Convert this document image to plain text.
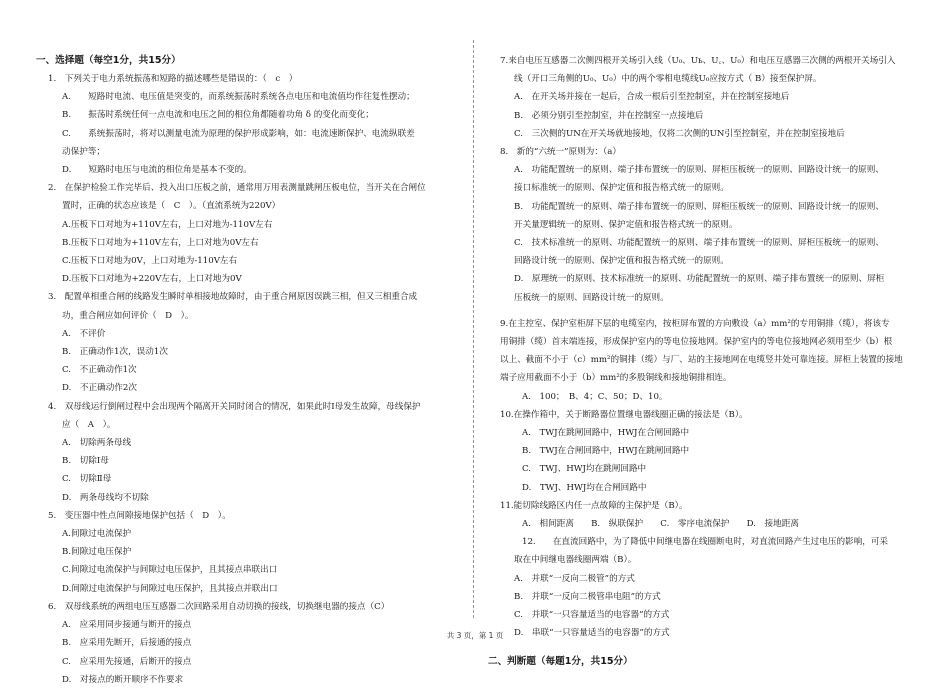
一、选择题（每空1分，共15分）
1.　下列关于电力系统振荡和短路的描述哪些是错误的：（　c　）
A.　　短路时电流、电压值是突变的，而系统振荡时系统各点电压和电流值均作往复性摆动；
B.　　振荡时系统任何一点电流和电压之间的相位角都随着功角 δ 的变化而变化；
C.　　系统振荡时，将对以测量电流为原理的保护形成影响，如：电流速断保护、电流纵联差
动保护等；
D.　　短路时电压与电流的相位角是基本不变的。
2.　在保护检验工作完毕后、投入出口压板之前，通常用万用表测量跳闸压板电位，当开关在合闸位
置时，正确的状态应该是（　C　）。（直流系统为220V）
A.压板下口对地为+110V左右，上口对地为-110V左右
B.压板下口对地为+110V左右，上口对地为0V左右
C.压板下口对地为0V，上口对地为-110V左右
D.压板下口对地为+220V左右，上口对地为0V
3.　配置单相重合闸的线路发生瞬时单相接地故障时，由于重合闸原因误跳三相，但又三相重合成
功，重合闸应如何评价（　D　）。
A.　不评价
B.　正确动作1次，误动1次
C.　不正确动作1次
D.　不正确动作2次
4.　双母线运行倒闸过程中会出现两个隔离开关同时闭合的情况，如果此时Ⅰ母发生故障，母线保护
应（　A　）。
A.　切除两条母线
B.　切除Ⅰ母
C.　切除Ⅱ母
D.　两条母线均不切除
5.　变压器中性点间隙接地保护包括（　D　）。
A.间隙过电流保护
B.间隙过电压保护
C.间隙过电流保护与间隙过电压保护，且其接点串联出口
D.间隙过电流保护与间隙过电压保护，且其接点并联出口
6.　双母线系统的两组电压互感器二次回路采用自动切换的接线，切换继电器的接点（C）
A.　应采用同步接通与断开的接点
B.　应采用先断开，后接通的接点
C.　应采用先接通，后断开的接点
D.　对接点的断开顺序不作要求
7.来自电压互感器二次侧四根开关场引入线（U₀、Uь、U꜀、U₀）和电压互感器三次侧的两根开关场引入
线（开口三角侧的U₀、U₀）中的两个零相电缆线U₀应按方式（ B）接至保护屏。
A.　在开关场并接在一起后，合成一根后引至控制室，并在控制室接地后
B.　必须分别引至控制室，并在控制室一点接地后
C.　三次侧的UN在开关场就地接地，仅将二次侧的UN引至控制室，并在控制室接地后
8.　新的“六统一”原则为：（a）
A.　功能配置统一的原则、端子排布置统一的原则、屏柜压板统一的原则、回路设计统一的原则、
接口标准统一的原则、保护定值和报告格式统一的原则。
B.　功能配置统一的原则、端子排布置统一的原则、屏柜压板统一的原则、回路设计统一的原则、
开关量逻辑统一的原则、保护定值和报告格式统一的原则。
C.　技术标准统一的原则、功能配置统一的原则、端子排布置统一的原则、屏柜压板统一的原则、
回路设计统一的原则、保护定值和报告格式统一的原则。
D.　原理统一的原则、技术标准统一的原则、功能配置统一的原则、端子排布置统一的原则、屏柜
压板统一的原则、回路设计统一的原则。
9.在主控室、保护室柜屏下层的电缆室内，按柜屏布置的方向敷设（a）mm²的专用铜排（缆），将该专
用铜排（缆）首末端连接，形成保护室内的等电位接地网。保护室内的等电位接地网必须用至少（b）根
以上、截面不小于（c）mm²的铜排（缆）与厂、站的主接地网在电缆竖井处可靠连接。屏柜上装置的接地
端子应用截面不小于（b）mm²的多股铜线和接地铜排相连。
A.　100；　B、4；C、50；D、10。
10.在操作箱中，关于断路器位置继电器线圈正确的接法是（B）。
A.　TWJ在跳闸回路中，HWJ在合闸回路中
B.　TWJ在合闸回路中，HWJ在跳闸回路中
C.　TWJ、HWJ均在跳闸回路中
D.　TWJ、HWJ均在合闸回路中
11.能切除线路区内任一点故障的主保护是（B）。
A.　相间距离　　B.　纵联保护　　C.　零序电流保护　　D.　接地距离
12.　　在直流回路中，为了降低中间继电器在线圈断电时，对直流回路产生过电压的影响，可采
取在中间继电器线圈两端（B）。
A.　并联“一反向二极管”的方式
B.　并联“一反向二极管串电阻”的方式
C.　并联“一只容量适当的电容器”的方式
D.　串联“一只容量适当的电容器”的方式
二、判断题（每题1分，共15分）
共 3 页，第 1 页
